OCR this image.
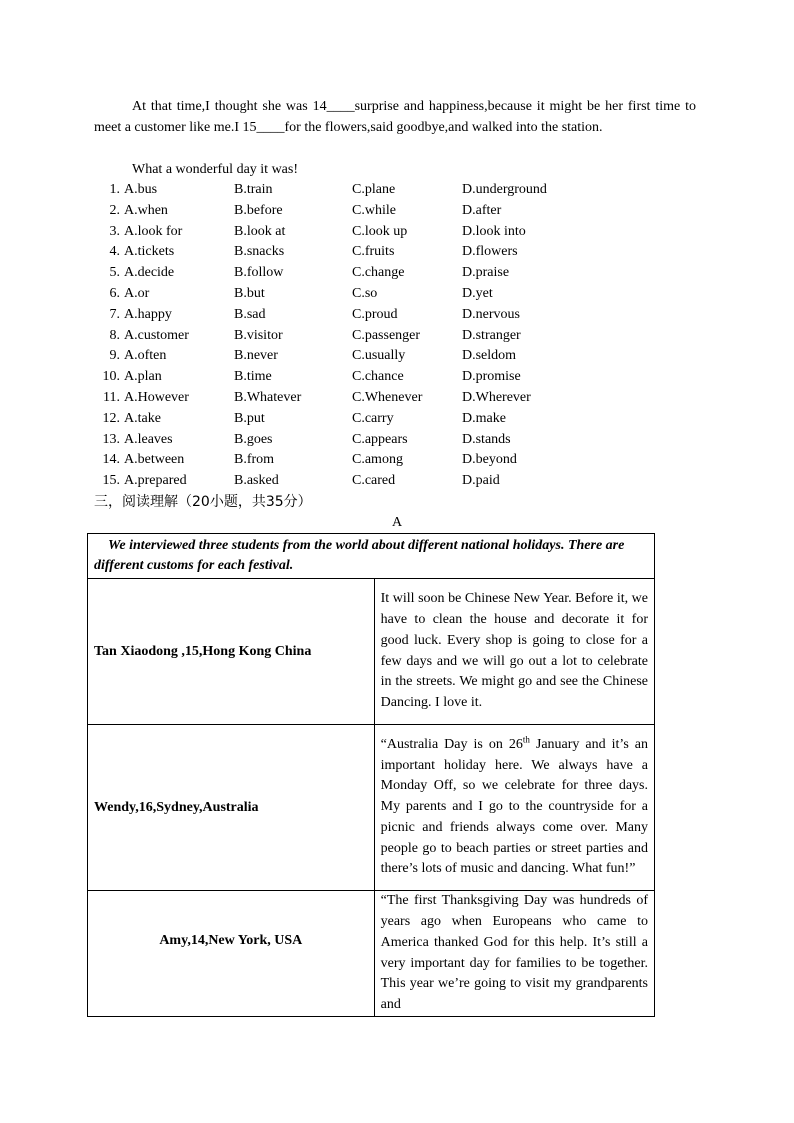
At that time,I thought she was 14____surprise and happiness,because it might be her first time to meet a customer like me.I 15____for the flowers,said goodbye,and walked into the station.
What a wonderful day it was!
1. A.bus	B.train	C.plane	D.underground
2. A.when	B.before	C.while	D.after
3. A.look for	B.look at	C.look up	D.look into
4. A.tickets	B.snacks	C.fruits	D.flowers
5. A.decide	B.follow	C.change	D.praise
6. A.or	B.but	C.so	D.yet
7. A.happy	B.sad	C.proud	D.nervous
8. A.customer	B.visitor	C.passenger	D.stranger
9. A.often	B.never	C.usually	D.seldom
10. A.plan	B.time	C.chance	D.promise
11. A.However	B.Whatever	C.Whenever	D.Wherever
12. A.take	B.put	C.carry	D.make
13. A.leaves	B.goes	C.appears	D.stands
14. A.between	B.from	C.among	D.beyond
15. A.prepared	B.asked	C.cared	D.paid
三，阅读理解（20小题，共35分）
A
We interviewed three students from the world about different national holidays. There are different customs for each festival.	
Tan Xiaodong ,15,Hong Kong China	It will soon be Chinese New Year. Before it, we have to clean the house and decorate it for good luck. Every shop is going to close for a few days and we will go out a lot to celebrate in the streets. We might go and see the Chinese Dancing. I love it.
Wendy,16,Sydney,Australia	“Australia Day is on 26th January and it’s an important holiday here. We always have a Monday Off, so we celebrate for three days. My parents and I go to the countryside for a picnic and friends always come over. Many people go to beach parties or street parties and there’s lots of music and dancing. What fun!”
Amy,14,New York, USA	“The first Thanksgiving Day was hundreds of years ago when Europeans who came to America thanked God for this help. It’s still a very important day for families to be together. This year we’re going to visit my grandparents and
